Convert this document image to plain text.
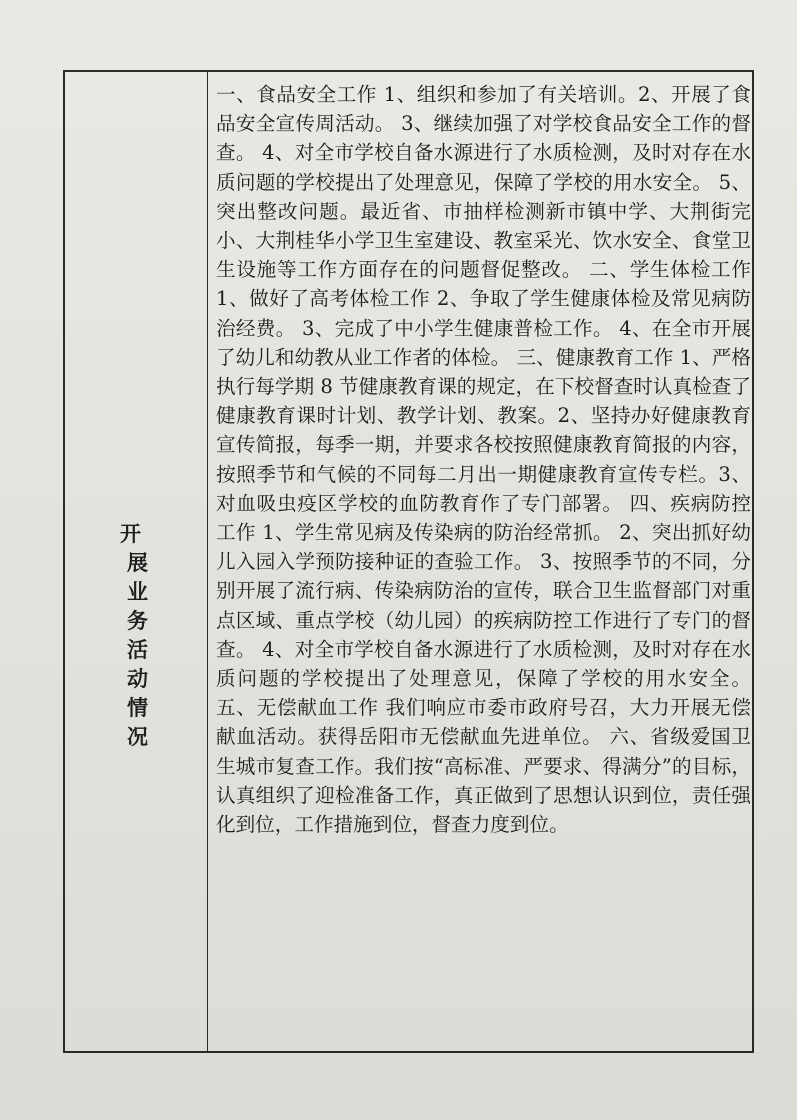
开展业务活动情况

一、食品安全工作 1、组织和参加了有关培训。2、开展了食品安全宣传周活动。 3、继续加强了对学校食品安全工作的督查。 4、对全市学校自备水源进行了水质检测，及时对存在水质问题的学校提出了处理意见，保障了学校的用水安全。 5、突出整改问题。最近省、市抽样检测新市镇中学、大荆街完小、大荆桂华小学卫生室建设、教室采光、饮水安全、食堂卫生设施等工作方面存在的问题督促整改。 二、学生体检工作 1、做好了高考体检工作 2、争取了学生健康体检及常见病防治经费。 3、完成了中小学生健康普检工作。 4、在全市开展了幼儿和幼教从业工作者的体检。 三、健康教育工作 1、严格执行每学期 8 节健康教育课的规定，在下校督查时认真检查了健康教育课时计划、教学计划、教案。2、坚持办好健康教育宣传简报，每季一期，并要求各校按照健康教育简报的内容，按照季节和气候的不同每二月出一期健康教育宣传专栏。3、对血吸虫疫区学校的血防教育作了专门部署。 四、疾病防控工作 1、学生常见病及传染病的防治经常抓。 2、突出抓好幼儿入园入学预防接种证的查验工作。 3、按照季节的不同，分别开展了流行病、传染病防治的宣传，联合卫生监督部门对重点区域、重点学校（幼儿园）的疾病防控工作进行了专门的督查。 4、对全市学校自备水源进行了水质检测，及时对存在水质问题的学校提出了处理意见，保障了学校的用水安全。 五、无偿献血工作 我们响应市委市政府号召，大力开展无偿献血活动。获得岳阳市无偿献血先进单位。 六、省级爱国卫生城市复查工作。我们按“高标准、严要求、得满分”的目标，认真组织了迎检准备工作，真正做到了思想认识到位，责任强化到位，工作措施到位，督查力度到位。
